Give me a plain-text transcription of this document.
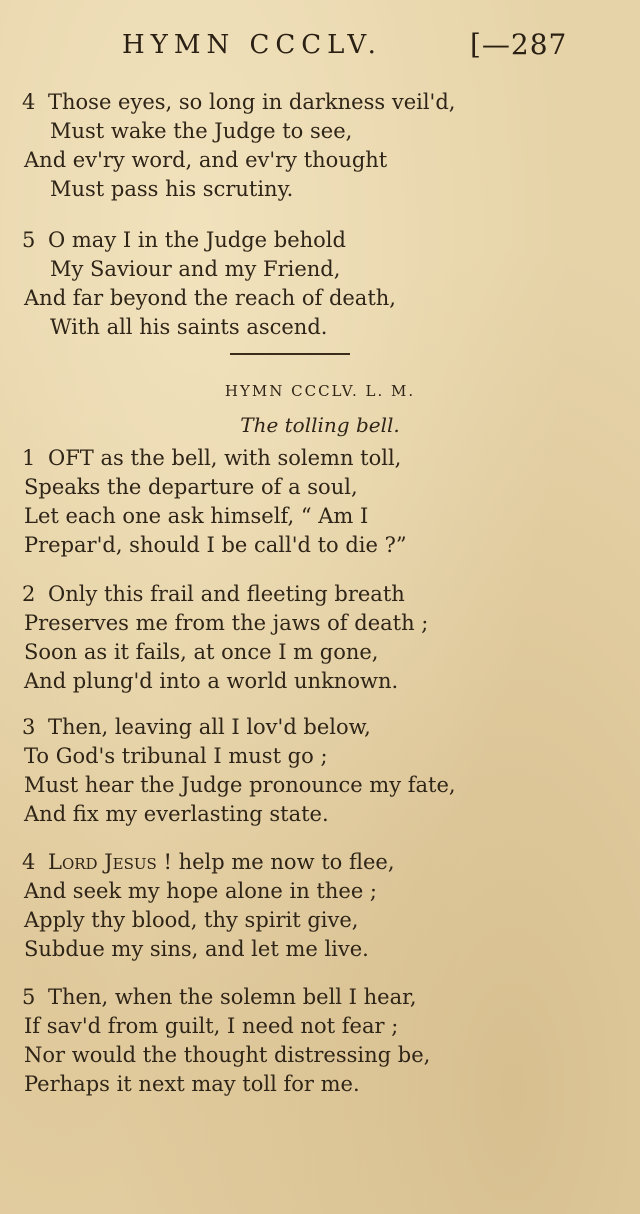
HYMN CCCLV.	[—287
4 Those eyes, so long in darkness veil'd,
Must wake the Judge to see,
And ev'ry word, and ev'ry thought
Must pass his scrutiny.
5 O may I in the Judge behold
My Saviour and my Friend,
And far beyond the reach of death,
With all his saints ascend.
HYMN CCCLV. L. M.
The tolling bell.
1 OFT as the bell, with solemn toll,
Speaks the departure of a soul,
Let each one ask himself, “ Am I
Prepar'd, should I be call'd to die ?”
2 Only this frail and fleeting breath
Preserves me from the jaws of death ;
Soon as it fails, at once I m gone,
And plung'd into a world unknown.
3 Then, leaving all I lov'd below,
To God's tribunal I must go ;
Must hear the Judge pronounce my fate,
And fix my everlasting state.
4 Lord Jesus ! help me now to flee,
And seek my hope alone in thee ;
Apply thy blood, thy spirit give,
Subdue my sins, and let me live.
5 Then, when the solemn bell I hear,
If sav'd from guilt, I need not fear ;
Nor would the thought distressing be,
Perhaps it next may toll for me.
